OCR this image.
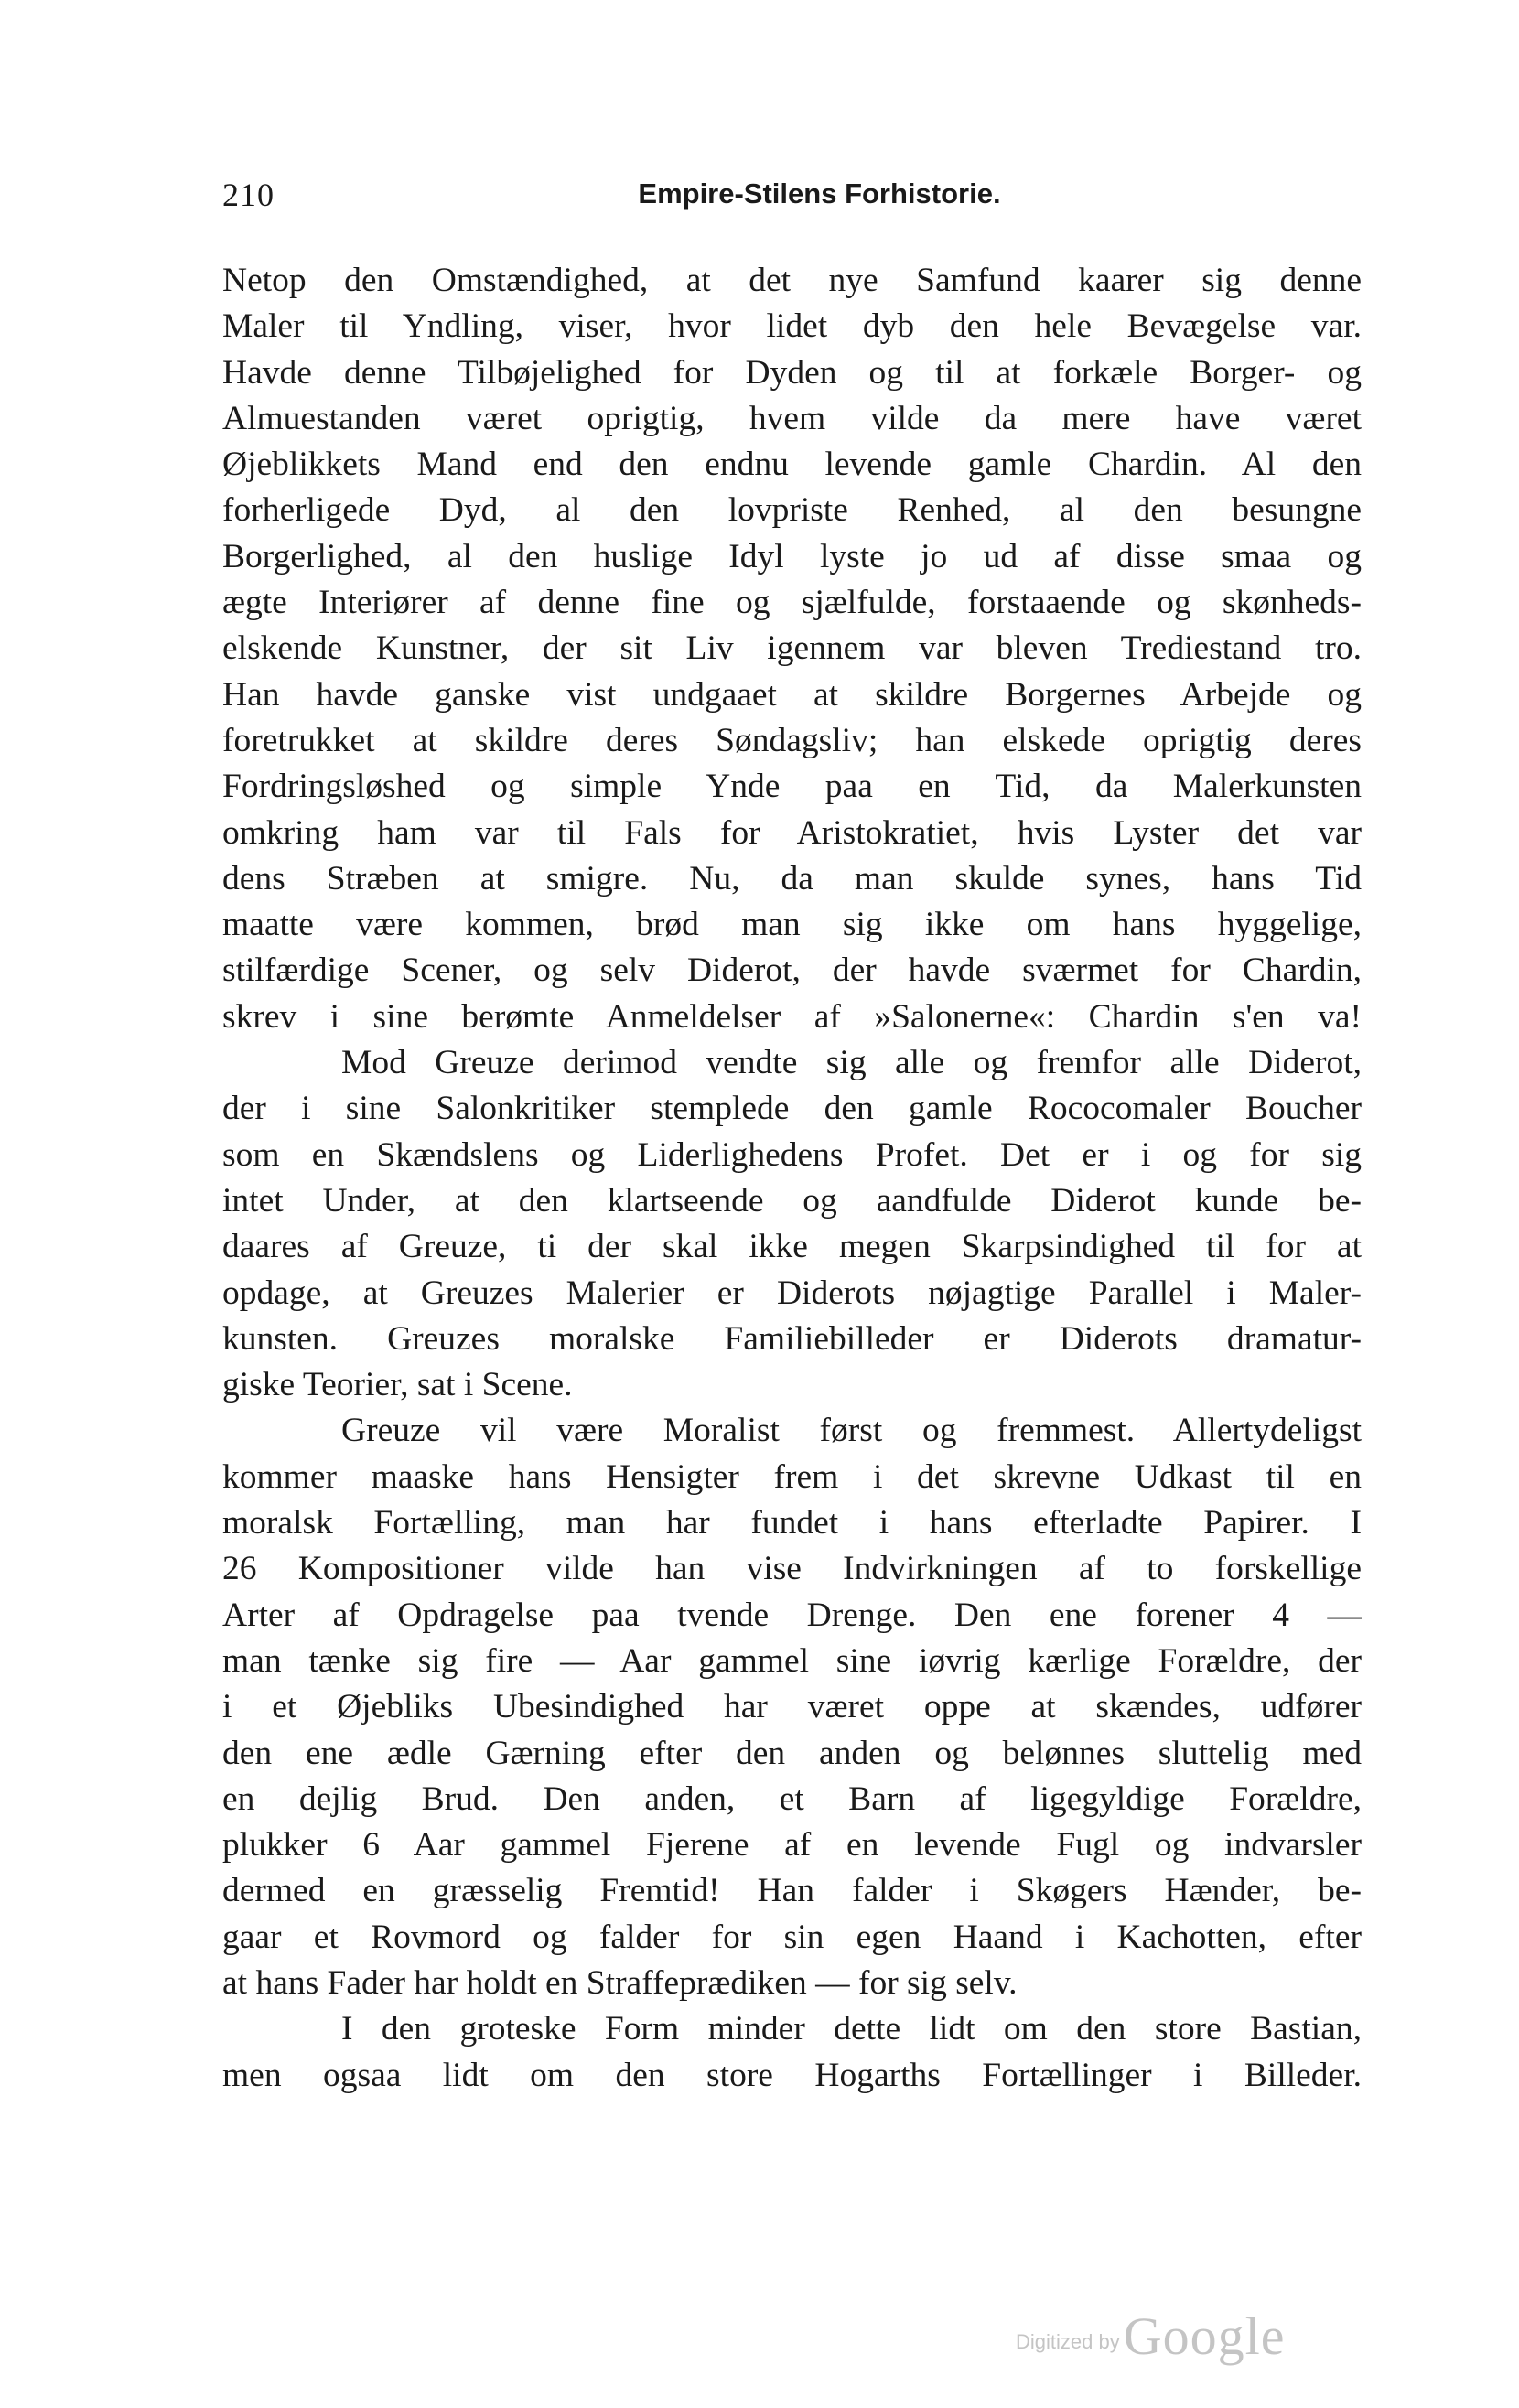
210	Empire-Stilens Forhistorie.
Netop den Omstændighed, at det nye Samfund kaarer sig denne
Maler til Yndling, viser, hvor lidet dyb den hele Bevægelse var.
Havde denne Tilbøjelighed for Dyden og til at forkæle Borger- og
Almuestanden været oprigtig, hvem vilde da mere have været
Øjeblikkets Mand end den endnu levende gamle Chardin. Al den
forherligede Dyd, al den lovpriste Renhed, al den besungne
Borgerlighed, al den huslige Idyl lyste jo ud af disse smaa og
ægte Interiører af denne fine og sjælfulde, forstaaende og skønheds-
elskende Kunstner, der sit Liv igennem var bleven Trediestand tro.
Han havde ganske vist undgaaet at skildre Borgernes Arbejde og
foretrukket at skildre deres Søndagsliv; han elskede oprigtig deres
Fordringsløshed og simple Ynde paa en Tid, da Malerkunsten
omkring ham var til Fals for Aristokratiet, hvis Lyster det var
dens Stræben at smigre. Nu, da man skulde synes, hans Tid
maatte være kommen, brød man sig ikke om hans hyggelige,
stilfærdige Scener, og selv Diderot, der havde sværmet for Chardin,
skrev i sine berømte Anmeldelser af »Salonerne«: Chardin s'en va!
Mod Greuze derimod vendte sig alle og fremfor alle Diderot,
der i sine Salonkritiker stemplede den gamle Rococomaler Boucher
som en Skændslens og Liderlighedens Profet. Det er i og for sig
intet Under, at den klartseende og aandfulde Diderot kunde be-
daares af Greuze, ti der skal ikke megen Skarpsindighed til for at
opdage, at Greuzes Malerier er Diderots nøjagtige Parallel i Maler-
kunsten. Greuzes moralske Familiebilleder er Diderots dramatur-
giske Teorier, sat i Scene.
Greuze vil være Moralist først og fremmest. Allertydeligst
kommer maaske hans Hensigter frem i det skrevne Udkast til en
moralsk Fortælling, man har fundet i hans efterladte Papirer. I
26 Kompositioner vilde han vise Indvirkningen af to forskellige
Arter af Opdragelse paa tvende Drenge. Den ene forener 4 —
man tænke sig fire — Aar gammel sine iøvrig kærlige Forældre, der
i et Øjebliks Ubesindighed har været oppe at skændes, udfører
den ene ædle Gærning efter den anden og belønnes sluttelig med
en dejlig Brud. Den anden, et Barn af ligegyldige Forældre,
plukker 6 Aar gammel Fjerene af en levende Fugl og indvarsler
dermed en græsselig Fremtid! Han falder i Skøgers Hænder, be-
gaar et Rovmord og falder for sin egen Haand i Kachotten, efter
at hans Fader har holdt en Straffeprædiken — for sig selv.
I den groteske Form minder dette lidt om den store Bastian,
men ogsaa lidt om den store Hogarths Fortællinger i Billeder.
Digitized by Google
